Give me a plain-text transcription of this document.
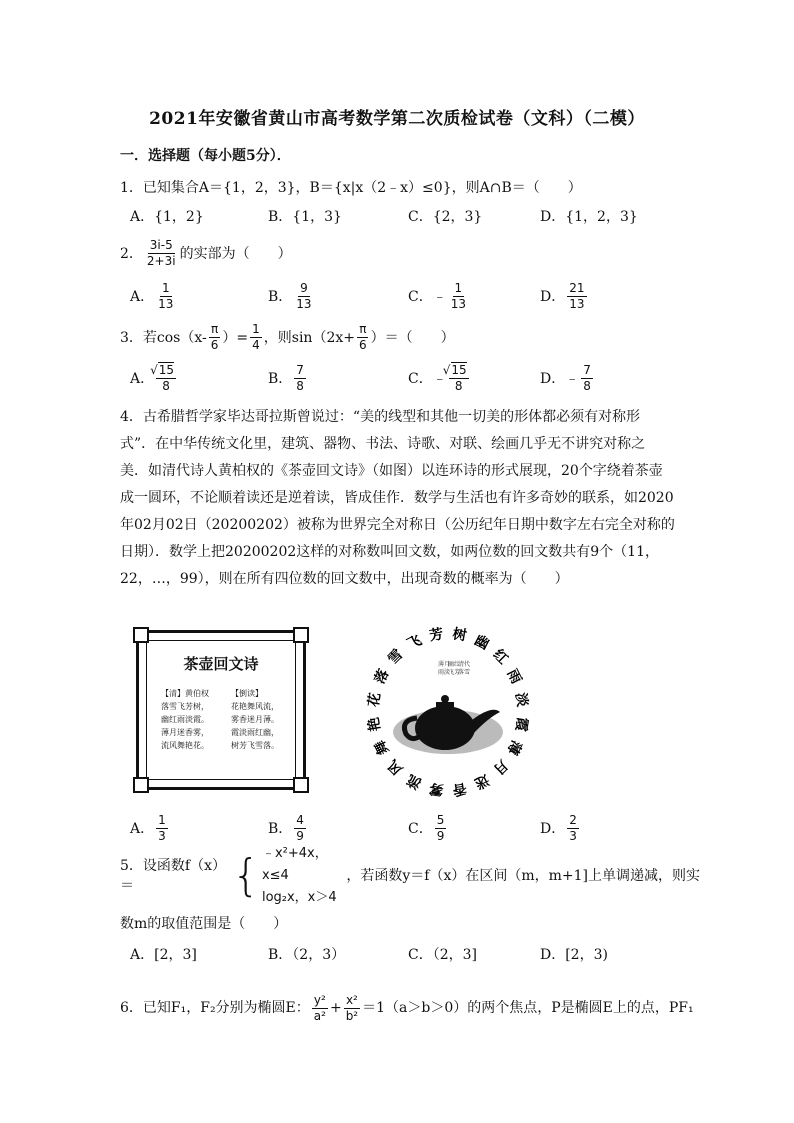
2021年安徽省黄山市高考数学第二次质检试卷（文科）（二模）
一．选择题（每小题5分）．
1．已知集合A＝{1，2，3}，B＝{x|x（2﹣x）≤0}，则A∩B＝（　　）
A．{1，2}	B．{1，3}	C．{2，3}	D．{1，2，3}
2． $\frac{3i-5}{2+3i}$ 的实部为（　　）
A． $\frac{1}{13}$	B． $\frac{9}{13}$	C．﹣ $\frac{1}{13}$	D． $\frac{21}{13}$
3．若$\cos(x- \frac{\pi}{6}$ ）= $\frac{1}{4}$ ，则$\sin(2x+ \frac{\pi}{6}$ ）＝（　　）
A． √ $\frac{15}{8}$	B． $\frac{7}{8}$	C．﹣ √ $\frac{15}{8}$	D．﹣ $\frac{7}{8}$
4．古希腊哲学家毕达哥拉斯曾说过：“美的线型和其他一切美的形体都必须有对称形
式”．在中华传统文化里，建筑、器物、书法、诗歌、对联、绘画几乎无不讲究对称之
美．如清代诗人黄柏权的《茶壶回文诗》（如图）以连环诗的形式展现，20个字绕着茶壶
成一圆环，不论顺着读还是逆着读，皆成佳作．数学与生活也有许多奇妙的联系，如2020
年02月02日（20200202）被称为世界完全对称日（公历纪年日期中数字左右完全对称的
日期）．数学上把20200202这样的对称数叫回文数，如两位数的回文数共有9个（11，
22，…，99），则在所有四位数的回文数中，出现奇数的概率为（　　）
茶壶回文诗
【清】黄伯权
落雪飞芳树，
幽红雨淡霞。
薄月迷香雾，
流风舞艳花。
【倒读】
花艳舞风流，
雾香迷月薄。
霞淡雨红幽，
树芳飞雪落。
落
雪
飞 芳 树 幽
红
雨
淡
霞
薄
月
迷
香
雾
流
风
舞
艳
花
清代
落雪
幽红
飞芳
薄月
雨淡
A． $\frac{1}{3}$	B． $\frac{4}{9}$	C． $\frac{5}{9}$	D． $\frac{2}{3}$
5．设函数f（x）＝	{ ﹣x²+4x，x≤4
log₂x，x＞4
，若函数y＝f（x）在区间（m，m+1]上单调递减，则实
数m的取值范围是（　　）
A．[2，3]	B．（2，3）	C．（2，3]	D．[2，3)
6．已知F₁，F₂分别为椭圆E： $\frac{\text{y²}}{\text{a²}} + \frac{\text{x²}}{\text{b²}} =1(a>b>0)$的两个焦点，P是椭圆E上的点，PF₁
